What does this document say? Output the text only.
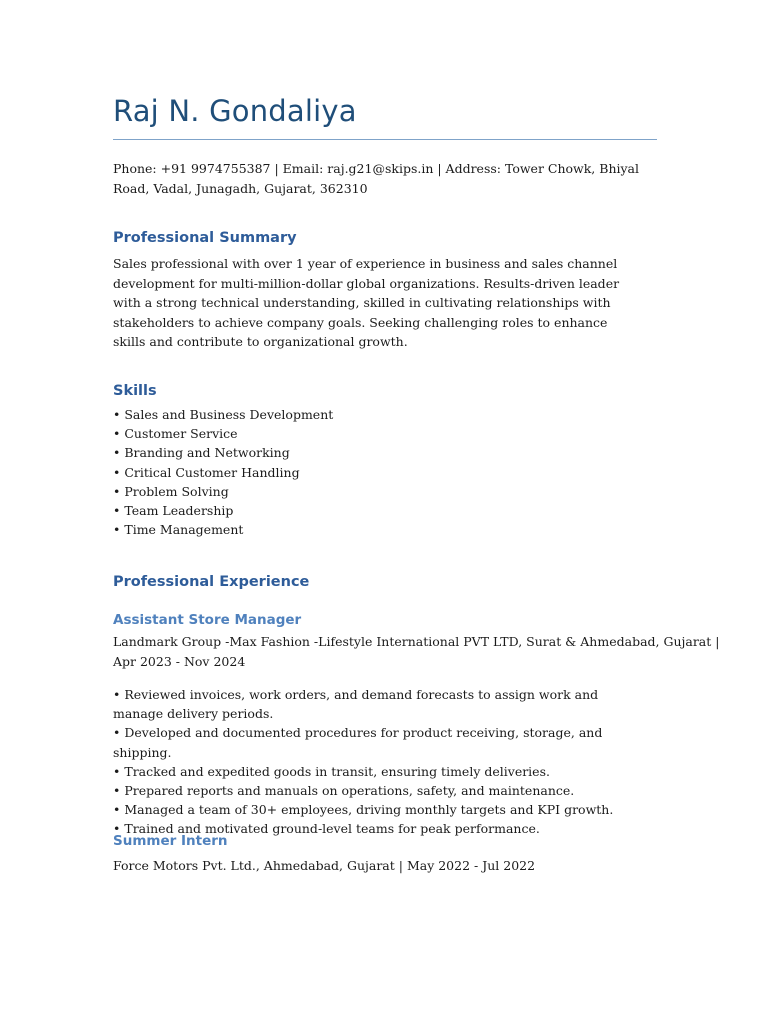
Raj N. Gondaliya

Phone: +91 9974755387 | Email: raj.g21@skips.in | Address: Tower Chowk, Bhiyal Road, Vadal, Junagadh, Gujarat, 362310

Professional Summary

Sales professional with over 1 year of experience in business and sales channel development for multi-million-dollar global organizations. Results-driven leader with a strong technical understanding, skilled in cultivating relationships with stakeholders to achieve company goals. Seeking challenging roles to enhance skills and contribute to organizational growth.

Skills
• Sales and Business Development
• Customer Service
• Branding and Networking
• Critical Customer Handling
• Problem Solving
• Team Leadership
• Time Management
Professional Experience
Assistant Store Manager

Landmark Group -Max Fashion -Lifestyle International PVT LTD, Surat & Ahmedabad, Gujarat | Apr 2023 - Nov 2024

• Reviewed invoices, work orders, and demand forecasts to assign work and manage delivery periods.
• Developed and documented procedures for product receiving, storage, and shipping.
• Tracked and expedited goods in transit, ensuring timely deliveries.
• Prepared reports and manuals on operations, safety, and maintenance.
• Managed a team of 30+ employees, driving monthly targets and KPI growth.
• Trained and motivated ground-level teams for peak performance.
Summer Intern

Force Motors Pvt. Ltd., Ahmedabad, Gujarat | May 2022 - Jul 2022
